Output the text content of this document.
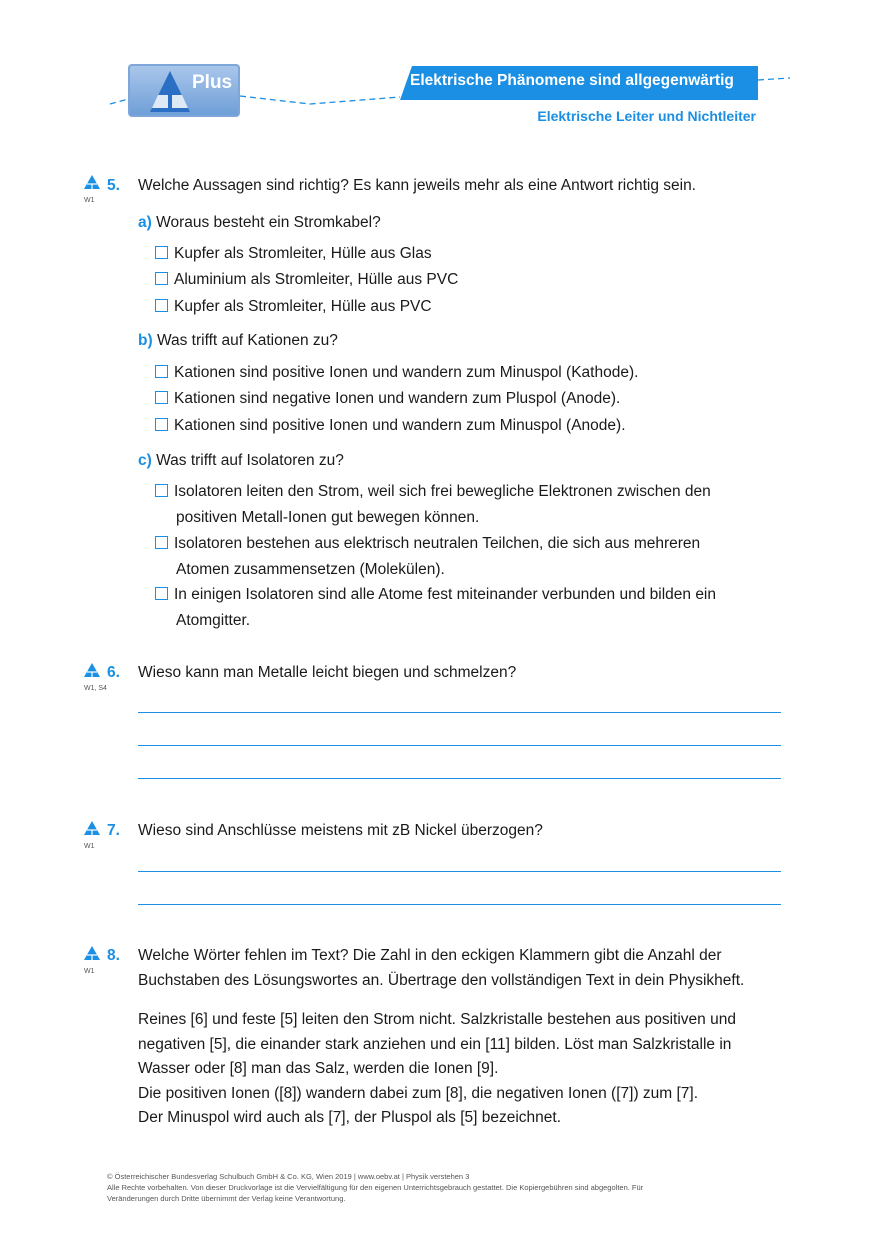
Plus	Elektrische Phänomene sind allgegenwärtig
Elektrische Leiter und Nichtleiter
W1
5. Welche Aussagen sind richtig? Es kann jeweils mehr als eine Antwort richtig sein.
a) Woraus besteht ein Stromkabel?
Kupfer als Stromleiter, Hülle aus Glas
Aluminium als Stromleiter, Hülle aus PVC
Kupfer als Stromleiter, Hülle aus PVC
b) Was trifft auf Kationen zu?
Kationen sind positive Ionen und wandern zum Minuspol (Kathode).
Kationen sind negative Ionen und wandern zum Pluspol (Anode).
Kationen sind positive Ionen und wandern zum Minuspol (Anode).
c) Was trifft auf Isolatoren zu?
Isolatoren leiten den Strom, weil sich frei bewegliche Elektronen zwischen den
positiven Metall-Ionen gut bewegen können.
Isolatoren bestehen aus elektrisch neutralen Teilchen, die sich aus mehreren
Atomen zusammensetzen (Molekülen).
In einigen Isolatoren sind alle Atome fest miteinander verbunden und bilden ein
Atomgitter.
W1, S4
6. Wieso kann man Metalle leicht biegen und schmelzen?
W1
7. Wieso sind Anschlüsse meistens mit zB Nickel überzogen?
W1
8. Welche Wörter fehlen im Text? Die Zahl in den eckigen Klammern gibt die Anzahl der
Buchstaben des Lösungswortes an. Übertrage den vollständigen Text in dein Physikheft.
Reines [6] und feste [5] leiten den Strom nicht. Salzkristalle bestehen aus positiven und
negativen [5], die einander stark anziehen und ein [11] bilden. Löst man Salzkristalle in
Wasser oder [8] man das Salz, werden die Ionen [9].
Die positiven Ionen ([8]) wandern dabei zum [8], die negativen Ionen ([7]) zum [7].
Der Minuspol wird auch als [7], der Pluspol als [5] bezeichnet.
© Österreichischer Bundesverlag Schulbuch GmbH & Co. KG, Wien 2019 | www.oebv.at | Physik verstehen 3
Alle Rechte vorbehalten. Von dieser Druckvorlage ist die Vervielfältigung für den eigenen Unterrichtsgebrauch gestattet. Die Kopiergebühren sind abgegolten. Für
Veränderungen durch Dritte übernimmt der Verlag keine Verantwortung.
